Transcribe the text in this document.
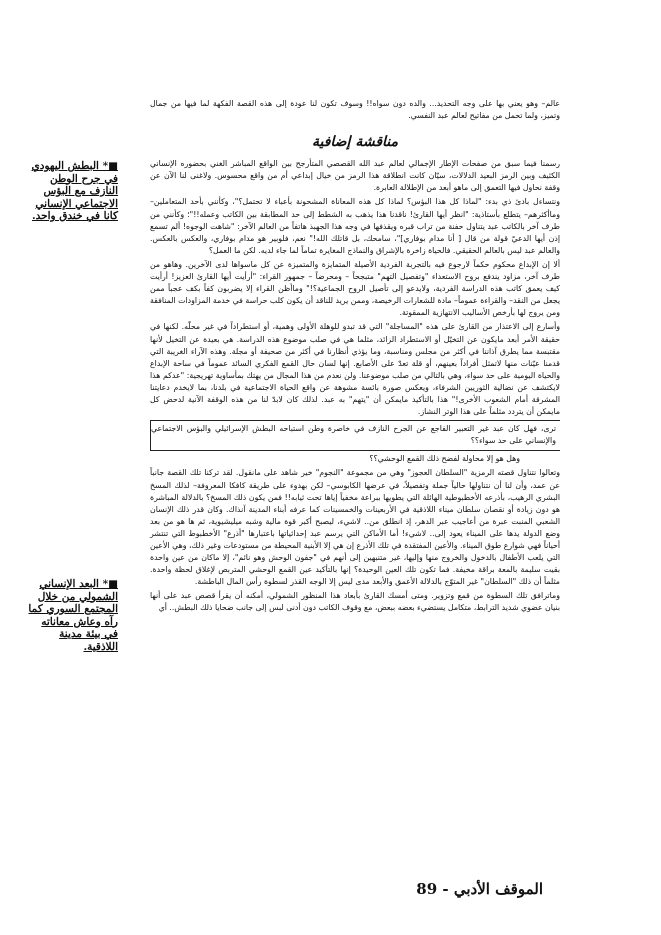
عالم– وهو يعني بها على وجه التحديد... والده دون سواه!! وسوف تكون لنا عودة إلى هذه القصة الفكهة لما فيها من جمال وتميز، ولما تحمل من مفاتيح لعالم عبد النفسي.

مناقشة إضافية

رسمنا فيما سبق من صفحات الإطار الإجمالي لعالم عبد الله القصصي المتأرجح بين الواقع المباشر الغني بحضوره الإنساني الكثيف وبين الرمز البعيد الدلالات، سيّان كانت انطلاقة هذا الرمز من خيال إبداعي أم من واقع محسوس. ولاغنى لنا الآن عن وقفة نحاول فيها التعمق إلى ماهو أبعد من الإطلالة العابرة.

ونتساءل بادئ ذي بدء: "لماذا كل هذا البؤس؟ لماذا كل هذه المعاناة المشحونة بأعباء لا تحتمل؟"، وكأنني بأحد المتعاملين– وماأكثرهم– يتطلع بأستاذية: "انظر أيها القارئ! ناقدنا هذا يذهب به الشطط إلى حد المطابقة بين الكاتب وعمله!!"؛ وكأنني من طرف آخر بالكاتب عبد يتناول حفنة من تراب قبره ويقذفها في وجه هذا الجهبذ هاتفاً من العالم الآخر: "شاهت الوجوه! ألم تسمع إذن أيها الدعيّ قولة من قال [ أنا مدام بوفاري]"، سامحك، بل قاتلك الله!" نعم، فلوبير هو مدام بوفاري، والعكس بالعكس. والعالم عبد ليس بالعالم الحقيقي. فالحياة زاخرة بالإشراق والنماذج المغايرة تماماً لما جاء لديه. لكن ما العمل؟

ألا إن الإبداع محكوم حكماً لارجوع فيه بالتجربة الفردية الأصيلة المتمايزة والمتميزة عن كل ماسواها لدى الآخرين. وهاهو من طرف آخر، مزاود يندفع بروح الاستعداء "وتفصيل التهم" متبجحاً – ومحرضاً – جمهور القراء: "أرأيت أيها القارئ العزيز! أرأيت كيف يعمق كاتب هذه الدراسة الفردية، ولايدعو إلى تأصيل الروح الجماعية؟!" وماأظن القراء إلا يضربون كفاً بكف عجباً ممن يجعل من النقد– والقراءة عموماً– مادة للشعارات الرخيصة، وممن يريد للناقد أن يكون كلب حراسة في خدمة المزاودات المنافقة ومن يروج لها بأرخص الأساليب الانتهازية الممقوتة.

وأسارع إلى الاعتذار من القارئ على هذه "المساجلة" التي قد تبدو للوهلة الأولى وهمية، أو استطراداً في غير محلّه. لكنها في حقيقة الأمر أبعد مايكون عن التخيّل أو الاستطراد الزائد، مثلما هي في صلب موضوع هذه الدراسة. هي بعيدة عن التخيل لأنها مقتبسة مما يطرق آذاننا في أكثر من مجلس ومناسبة، وما يؤذي أنظارنا في أكثر من صحيفة أو مجلة. وهذه الآراء الغريبة التي قدمنا عيّنات منها لاتمثل أفراداً بعينهم، أو قلة تعدّ على الأصابع. إنها لسان حال القمع الفكري السائد عموماً في ساحة الإبداع والحياة اليومية على حد سواء، وهي بالتالي من صلب موضوعنا. ولن نعدم من هذا المجال من يهتك بمأساوية تهريجية: "عدكم هذا لايكتشف عن نضالية الثوريين الشرفاء، ويعكس صورة بائسة مشوهة عن واقع الحياة الاجتماعية في بلدنا، بما لايخدم دعايتنا المشرقة أمام الشعوب الأخرى!" هذا بالتأكيد مايمكن أن "يتهم" به عبد. لذلك كان لابدّ لنا من هذه الوقفة الآنية لدحض كل مايمكن أن يتردد مثلماً على هذا الوتر النشاز.

ترى، فهل كان عبد غير التعبير الفاجع عن الجرح النازف في خاصرة وطن استباحه البطش الإسرائيلي والبؤس الاجتماعي والإنساني على حد سواء؟؟

وهل هو إلا محاولة لفضح ذلك القمع الوحشي؟؟

وتعالوا نتناول قصته الرمزية "السلطان العجوز" وهي من مجموعة "النجوم" خير شاهد على مانقول. لقد تركنا تلك القصة جانباً عن عمد، وأن لنا أن نتناولها حالياً جملة وتفصيلاً، في عرضها الكابوسي– لكن بهدوء على طريقة كافكا المعروفة– لذلك المسخ البشري الرهيب، بأذرعه الأخطبوطية الهائلة التي يطويها ببراعة مخفياً إياها تحت ثيابه!! فمن يكون ذلك المسخ؟ بالدلالة المباشرة هو دون زيادة أو نقصان سلطان ميناء اللاذقية في الأربعينات والخمسينات كما عرفه أبناء المدينة آنذاك. وكان قدر ذلك الإنسان الشعبي المنبت عبرة من أعاجيب عبر الدهر، إذ انطلق من.. لاشيء، ليصبح أكبر قوة مالية وشبه ميليشيوية، ثم ها هو من بعد وضع الدولة يدها على الميناء يعود إلى.. لاشيء! أما الأماكن التي يرسم عبد إحداثياتها باعتبارها "أذرع" الأخطبوط التي تنتشر أحياناً فهي شوارع طوق الميناء. والأعين المفتقدة في تلك الأذرع إن هي إلا الأبنية المحيطة من مستودعات وغير ذلك، وهي الأعين التي يلعب الأطفال بالدخول والخروج منها وإليها، غير متنبهين إلى أنهم في "جفون الوحش وهو نائم"، إلا ماكان من عين واحدة بقيت سليمة بالمعة براقة مخيفة. فما تكون تلك العين الوحيدة؟ إنها بالتأكيد عين القمع الوحشي المتربص لإغلاق لحظة واحدة. مثلماً أن ذلك "السلطان" غير المتوّج بالدلالة الأعمق والأبعد مدى ليس إلا الوجه القذر لسطوة رأس المال الباطشة.

وماترافق تلك السطوة من قمع وتزوير. ومتى أمسك القارئ بأبعاد هذا المنظور الشمولي، أمكنه أن يقرأ قصص عبد على أنها بنيان عضوي شديد الترابط، متكامل يستضيء بعضه ببعض، مع وقوف الكاتب دون أدنى لبس إلى جانب ضحايا ذلك البطش.. أي

■* البطش اليهودي في جرح الوطن النازف مع البؤس الاجتماعي الإنساني كانا في خندق واحد.
■* البعد الإنساني الشمولي من خلال المجتمع السوري كما رآه وعاش معاناته في بيئة مدينة اللاذقية.
الموقف الأدبي - 89
